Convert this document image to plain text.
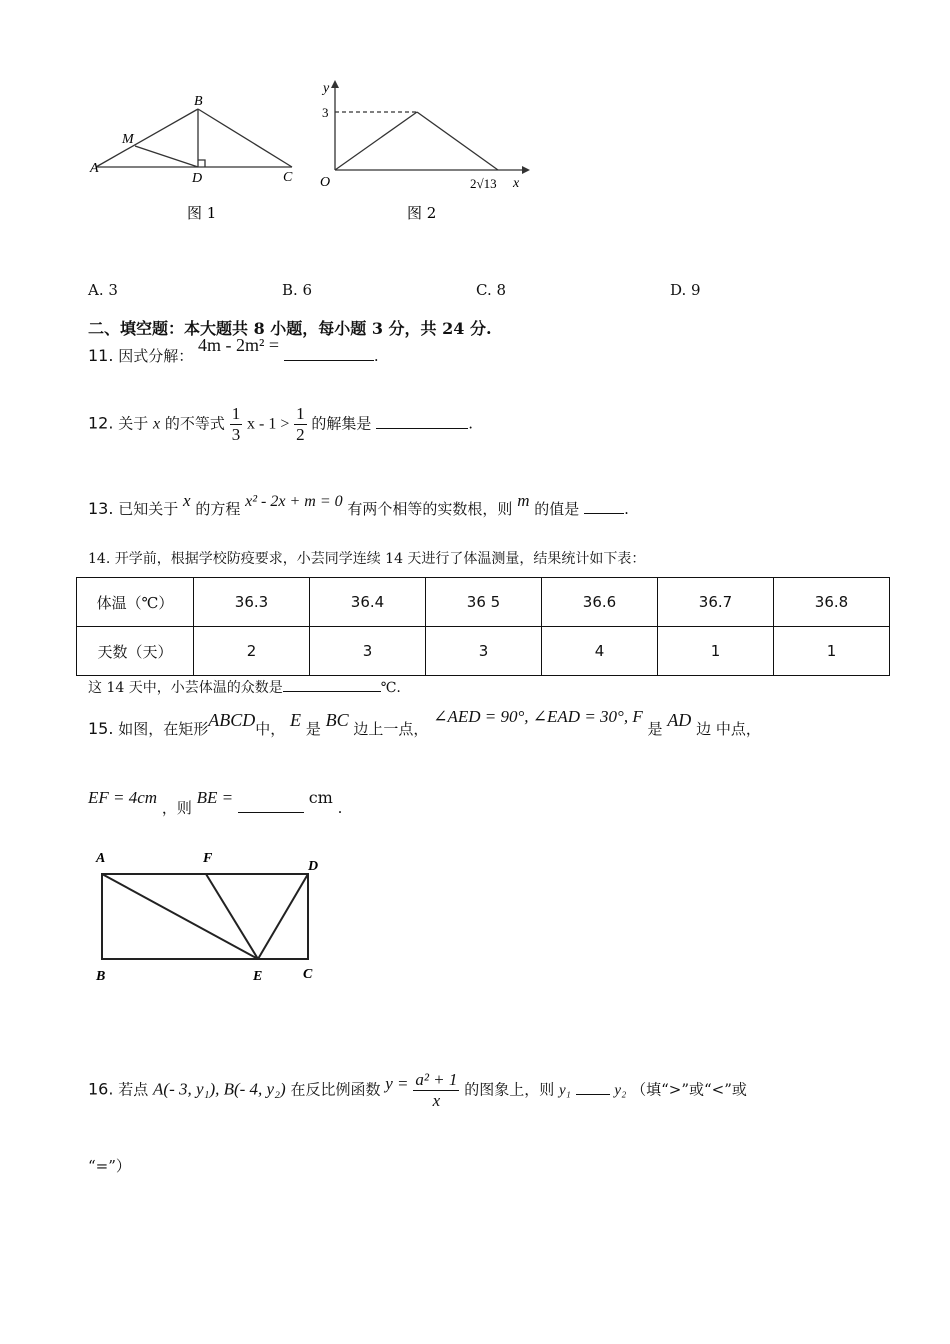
A
B
M
D	C
图 1
y
3
O	2√13 x
图 2
A. 3	B. 6	C. 8	D. 9
二、填空题：本大题共 8 小题，每小题 3 分，共 24 分.
11. 因式分解： 4m - 2m² = .
12. 关于 x 的不等式 $\frac{1}{3}$ $x - 1 > \frac{1}{2}$ 的解集是	.
13. 已知关于 x 的方程 x² - 2x + m = 0 有两个相等的实数根，则 m 的值是	.
14. 开学前，根据学校防疫要求，小芸同学连续 14 天进行了体温测量，结果统计如下表：
体温（℃）	36.3	36.4	36 5	36.6	36.7	36.8
天数（天）	2	3	3	4	1	1
这 14 天中，小芸体温的众数是	℃.
15. 如图，在矩形ABCD中， E 是 BC 边上一点， ∠AED = 90°, ∠EAD = 30°, F 是 AD 边 中点，
EF = 4cm ，则 BE =	cm .
A	F
D
B	E	C
16. 若点 A(- 3, y₁), B(- 4, y₂) 在反比例函数 $y = \frac{\text{a² + 1}}{x}$ 的图象上，则 y₁	y₂ （填“>”或“<”或
“=”）
